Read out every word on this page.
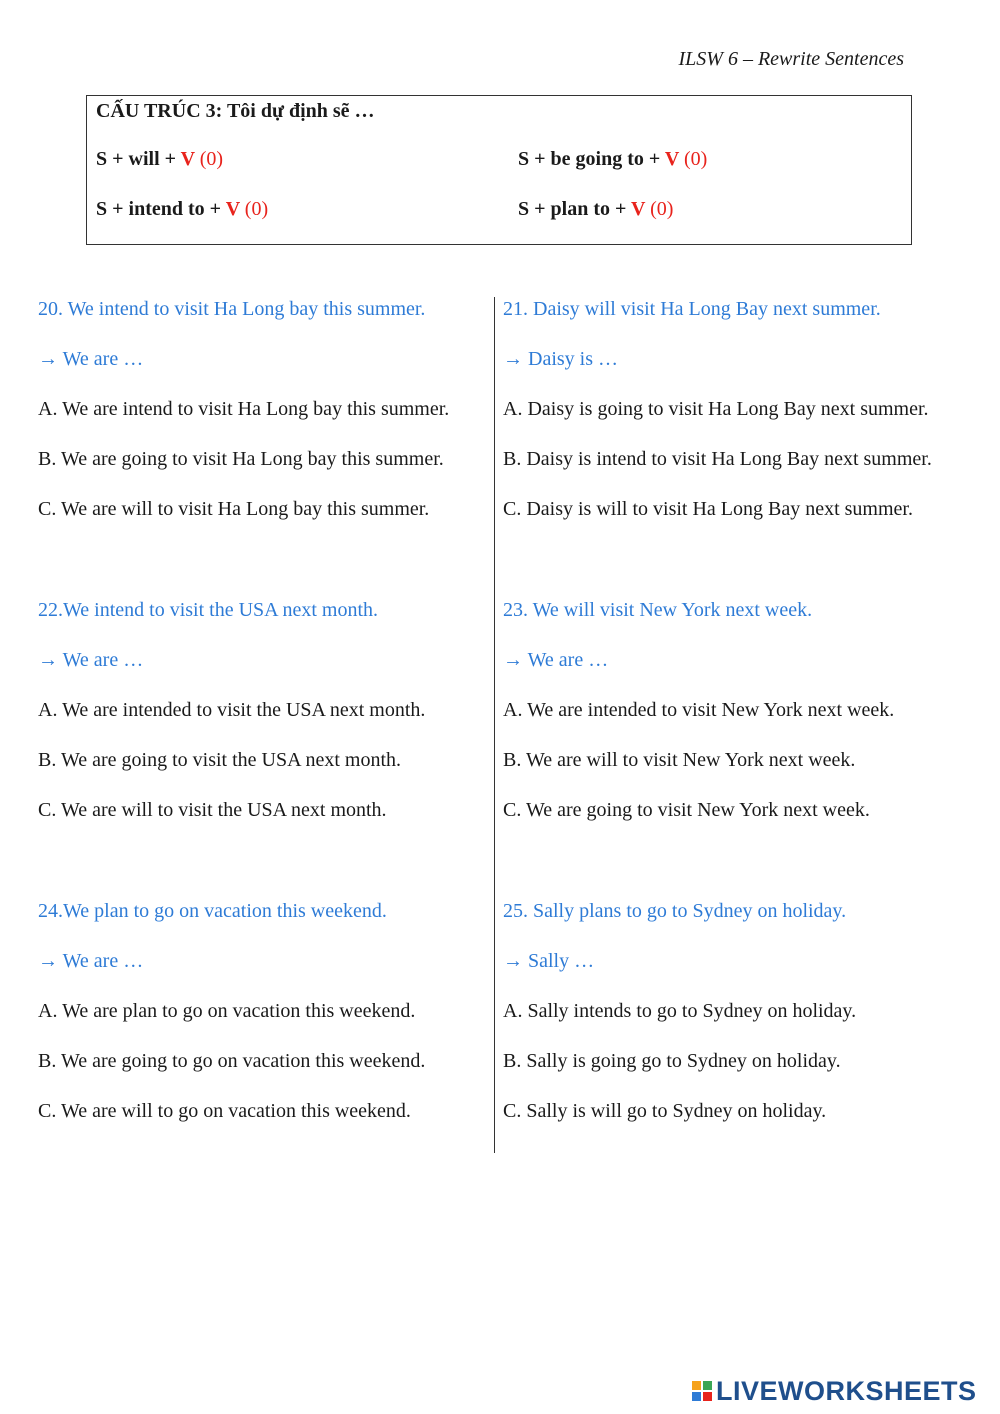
ILSW 6 – Rewrite Sentences
CẤU TRÚC 3: Tôi dự định sẽ …
S + will + V (0)	S + be going to + V (0)
S + intend to + V (0)	S + plan to + V (0)
20. We intend to visit Ha Long bay this summer.
→ We are …
A. We are intend to visit Ha Long bay this summer.
B. We are going to visit Ha Long bay this summer.
C. We are will to visit Ha Long bay this summer.
21. Daisy will visit Ha Long Bay next summer.
→ Daisy is …
A. Daisy is going to visit Ha Long Bay next summer.
B. Daisy is intend to visit Ha Long Bay next summer.
C. Daisy is will to visit Ha Long Bay next summer.
22.We intend to visit the USA next month.
→ We are …
A. We are intended to visit the USA next month.
B. We are going to visit the USA next month.
C. We are will to visit the USA next month.
23. We will visit New York next week.
→ We are …
A. We are intended to visit New York next week.
B. We are will to visit New York next week.
C. We are going to visit New York next week.
24.We plan to go on vacation this weekend.
→ We are …
A. We are plan to go on vacation this weekend.
B. We are going to go on vacation this weekend.
C. We are will to go on vacation this weekend.
25. Sally plans to go to Sydney on holiday.
→ Sally …
A. Sally intends to go to Sydney on holiday.
B. Sally is going go to Sydney on holiday.
C. Sally is will go to Sydney on holiday.
LIVEWORKSHEETS
